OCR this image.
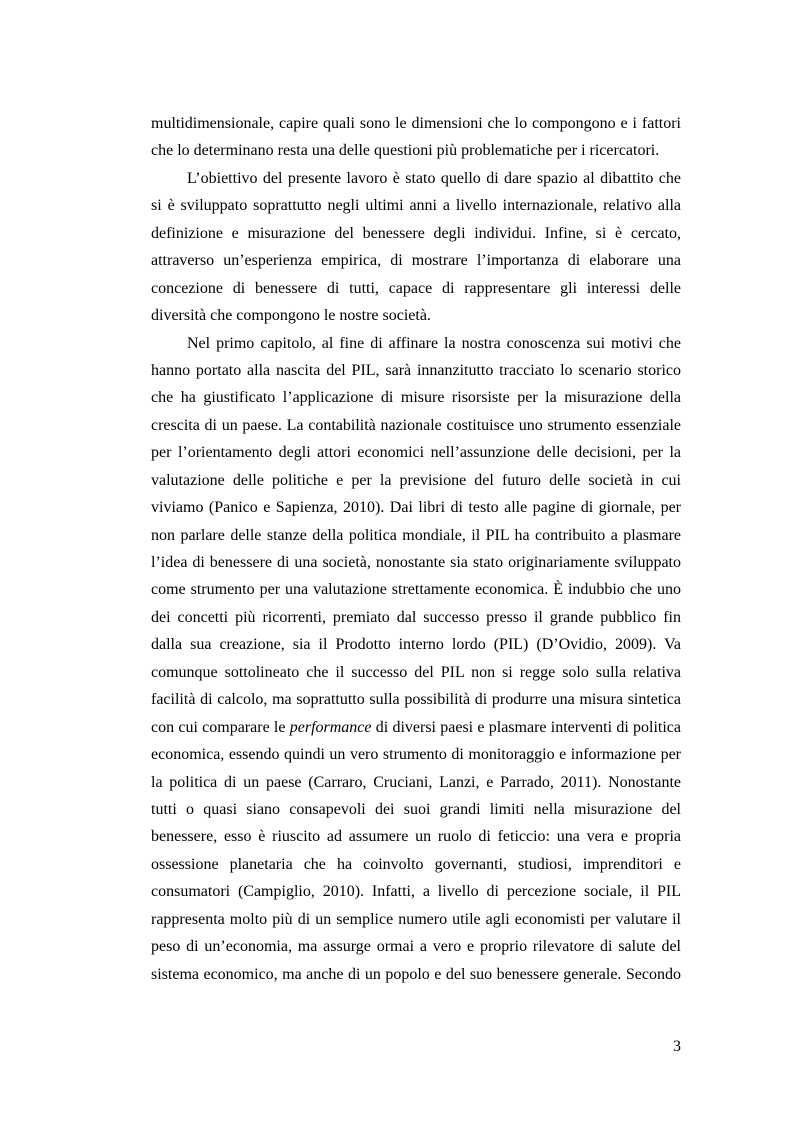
multidimensionale, capire quali sono le dimensioni che lo compongono e i fattori
che lo determinano resta una delle questioni più problematiche per i ricercatori.
L’obiettivo del presente lavoro è stato quello di dare spazio al dibattito che
si è sviluppato soprattutto negli ultimi anni a livello internazionale, relativo alla
definizione e misurazione del benessere degli individui. Infine, si è cercato,
attraverso un’esperienza empirica, di mostrare l’importanza di elaborare una
concezione di benessere di tutti, capace di rappresentare gli interessi delle
diversità che compongono le nostre società.
Nel primo capitolo, al fine di affinare la nostra conoscenza sui motivi che
hanno portato alla nascita del PIL, sarà innanzitutto tracciato lo scenario storico
che ha giustificato l’applicazione di misure risorsiste per la misurazione della
crescita di un paese. La contabilità nazionale costituisce uno strumento essenziale
per l’orientamento degli attori economici nell’assunzione delle decisioni, per la
valutazione delle politiche e per la previsione del futuro delle società in cui
viviamo (Panico e Sapienza, 2010). Dai libri di testo alle pagine di giornale, per
non parlare delle stanze della politica mondiale, il PIL ha contribuito a plasmare
l’idea di benessere di una società, nonostante sia stato originariamente sviluppato
come strumento per una valutazione strettamente economica. È indubbio che uno
dei concetti più ricorrenti, premiato dal successo presso il grande pubblico fin
dalla sua creazione, sia il Prodotto interno lordo (PIL) (D’Ovidio, 2009). Va
comunque sottolineato che il successo del PIL non si regge solo sulla relativa
facilità di calcolo, ma soprattutto sulla possibilità di produrre una misura sintetica
con cui comparare le performance di diversi paesi e plasmare interventi di politica
economica, essendo quindi un vero strumento di monitoraggio e informazione per
la politica di un paese (Carraro, Cruciani, Lanzi, e Parrado, 2011). Nonostante
tutti o quasi siano consapevoli dei suoi grandi limiti nella misurazione del
benessere, esso è riuscito ad assumere un ruolo di feticcio: una vera e propria
ossessione planetaria che ha coinvolto governanti, studiosi, imprenditori e
consumatori (Campiglio, 2010). Infatti, a livello di percezione sociale, il PIL
rappresenta molto più di un semplice numero utile agli economisti per valutare il
peso di un’economia, ma assurge ormai a vero e proprio rilevatore di salute del
sistema economico, ma anche di un popolo e del suo benessere generale. Secondo
3
